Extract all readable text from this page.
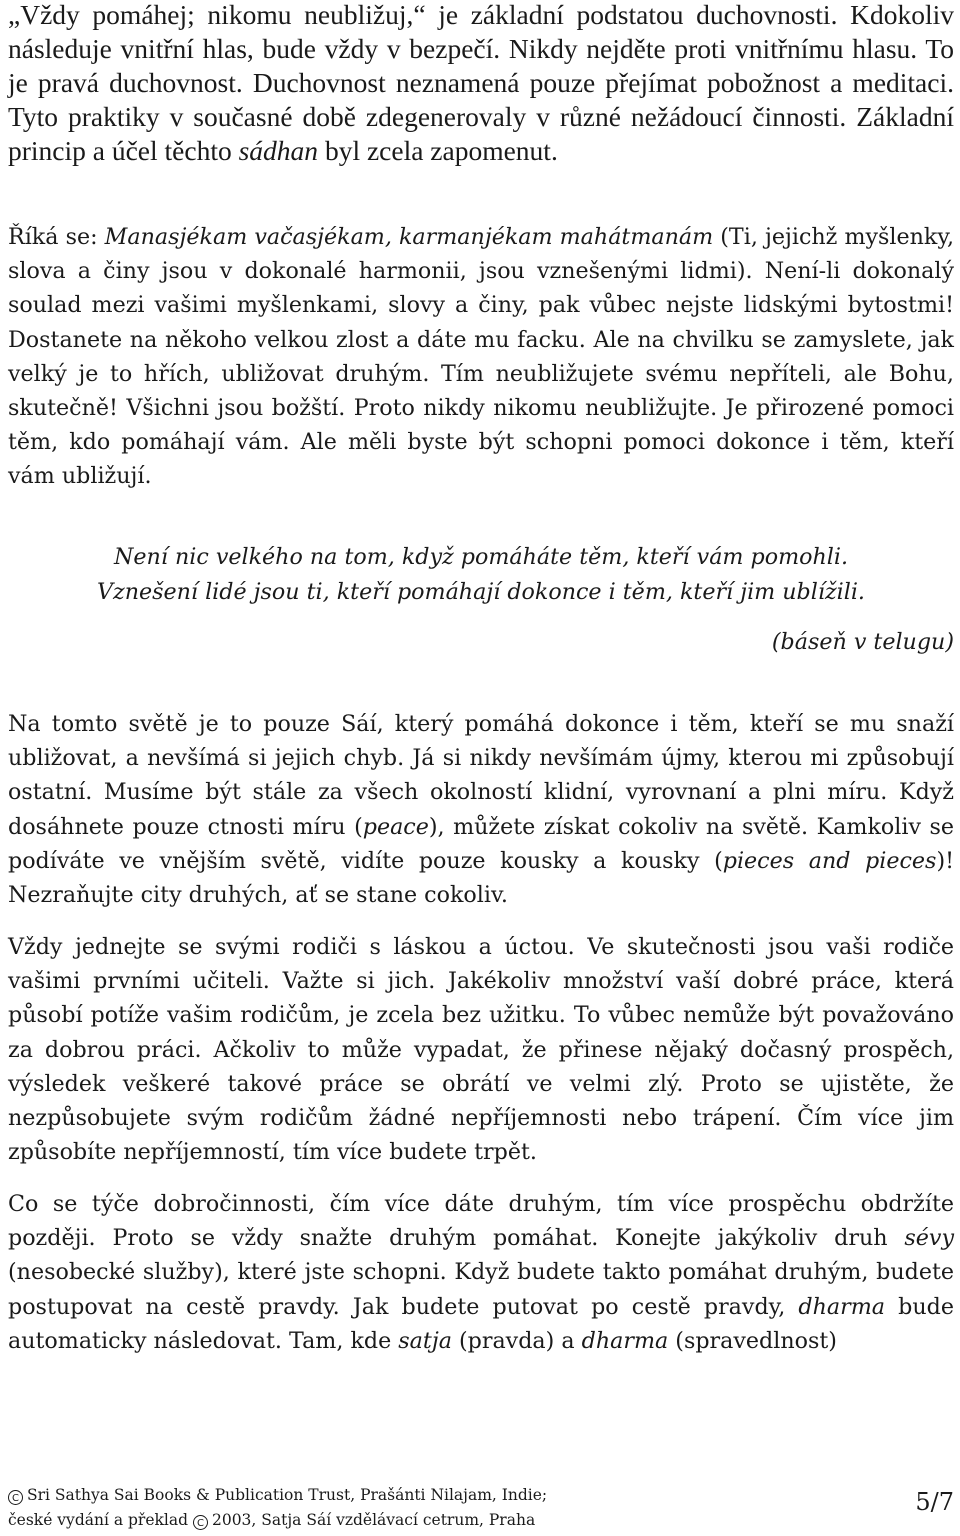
„Vždy pomáhej; nikomu neubližuj,“ je základní podstatou duchovnosti. Kdokoliv následuje vnitřní hlas, bude vždy v bezpečí. Nikdy nejděte proti vnitřnímu hlasu. To je pravá duchovnost. Duchovnost neznamená pouze přejímat pobožnost a meditaci. Tyto praktiky v současné době zdegenerovaly v různé nežádoucí činnosti. Základní princip a účel těchto sádhan byl zcela zapomenut.

Říká se: Manasjékam vačasjékam, karmanjékam mahátmanám (Ti, jejichž myšlenky, slova a činy jsou v dokonalé harmonii, jsou vznešenými lidmi). Není-li dokonalý soulad mezi vašimi myšlenkami, slovy a činy, pak vůbec nejste lidskými bytostmi! Dostanete na někoho velkou zlost a dáte mu facku. Ale na chvilku se zamyslete, jak velký je to hřích, ubližovat druhým. Tím neubližujete svému nepříteli, ale Bohu, skutečně! Všichni jsou božští. Proto nikdy nikomu neubližujte. Je přirozené pomoci těm, kdo pomáhají vám. Ale měli byste být schopni pomoci dokonce i těm, kteří vám ubližují.

Není nic velkého na tom, když pomáháte těm, kteří vám pomohli.
Vznešení lidé jsou ti, kteří pomáhají dokonce i těm, kteří jim ublížili.
(báseň v telugu)

Na tomto světě je to pouze Sáí, který pomáhá dokonce i těm, kteří se mu snaží ubližovat, a nevšímá si jejich chyb. Já si nikdy nevšímám újmy, kterou mi způsobují ostatní. Musíme být stále za všech okolností klidní, vyrovnaní a plni míru. Když dosáhnete pouze ctnosti míru (peace), můžete získat cokoliv na světě. Kamkoliv se podíváte ve vnějším světě, vidíte pouze kousky a kousky (pieces and pieces)! Nezraňujte city druhých, ať se stane cokoliv.

Vždy jednejte se svými rodiči s láskou a úctou. Ve skutečnosti jsou vaši rodiče vašimi prvními učiteli. Važte si jich. Jakékoliv množství vaší dobré práce, která působí potíže vašim rodičům, je zcela bez užitku. To vůbec nemůže být považováno za dobrou práci. Ačkoliv to může vypadat, že přinese nějaký dočasný prospěch, výsledek veškeré takové práce se obrátí ve velmi zlý. Proto se ujistěte, že nezpůsobujete svým rodičům žádné nepříjemnosti nebo trápení. Čím více jim způsobíte nepříjemností, tím více budete trpět.

Co se týče dobročinnosti, čím více dáte druhým, tím více prospěchu obdržíte později. Proto se vždy snažte druhým pomáhat. Konejte jakýkoliv druh sévy (nesobecké služby), které jste schopni. Když budete takto pomáhat druhým, budete postupovat na cestě pravdy. Jak budete putovat po cestě pravdy, dharma bude automaticky následovat. Tam, kde satja (pravda) a dharma (spravedlnost)

C Sri Sathya Sai Books & Publication Trust, Prašánti Nilajam, Indie;
české vydání a překlad C 2003, Satja Sáí vzdělávací cetrum, Praha
5/7
